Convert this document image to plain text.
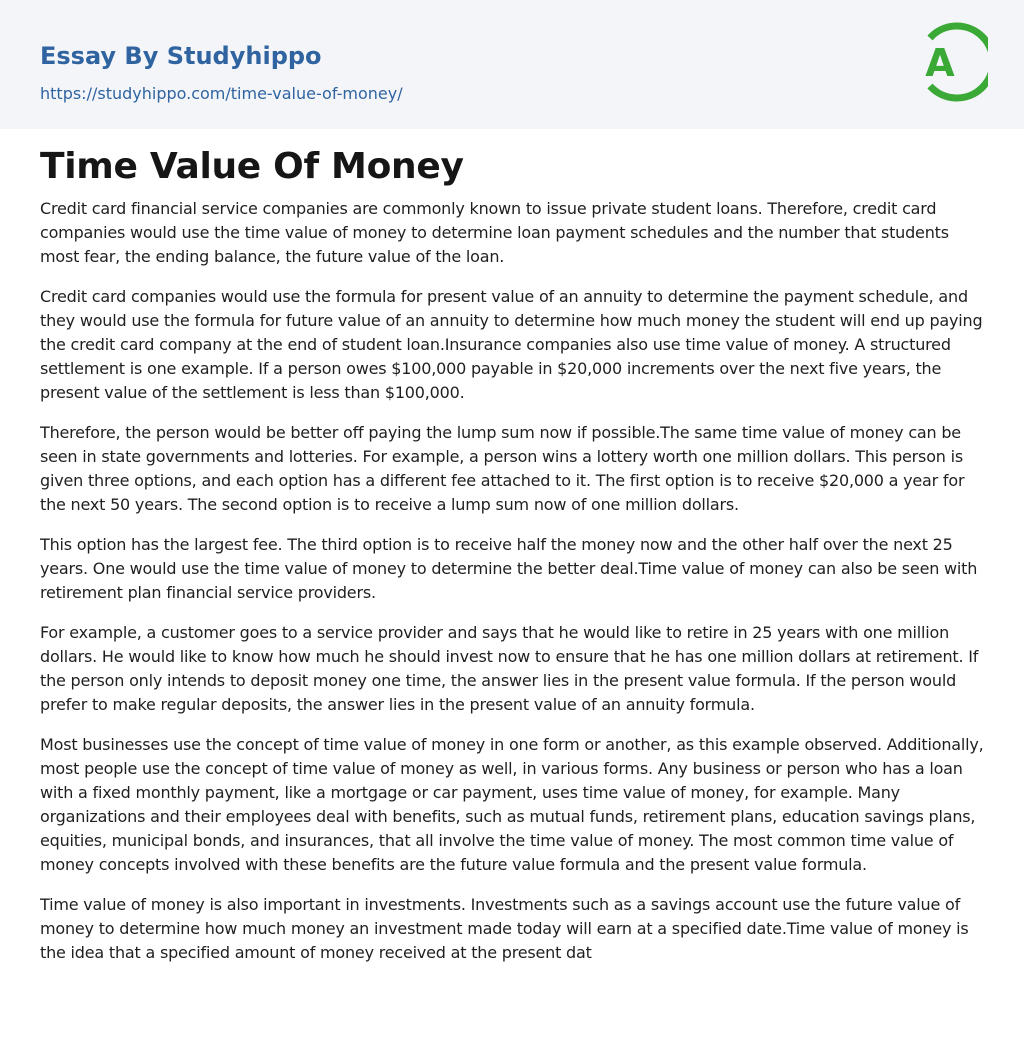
Essay By Studyhippo
https://studyhippo.com/time-value-of-money/
A
Time Value Of Money

Credit card financial service companies are commonly known to issue private student loans. Therefore, credit card companies would use the time value of money to determine loan payment schedules and the number that students most fear, the ending balance, the future value of the loan.

Credit card companies would use the formula for present value of an annuity to determine the payment schedule, and they would use the formula for future value of an annuity to determine how much money the student will end up paying the credit card company at the end of student loan.Insurance companies also use time value of money. A structured settlement is one example. If a person owes $100,000 payable in $20,000 increments over the next five years, the present value of the settlement is less than $100,000.

Therefore, the person would be better off paying the lump sum now if possible.The same time value of money can be seen in state governments and lotteries. For example, a person wins a lottery worth one million dollars. This person is given three options, and each option has a different fee attached to it. The first option is to receive $20,000 a year for the next 50 years. The second option is to receive a lump sum now of one million dollars.

This option has the largest fee. The third option is to receive half the money now and the other half over the next 25 years. One would use the time value of money to determine the better deal.Time value of money can also be seen with retirement plan financial service providers.

For example, a customer goes to a service provider and says that he would like to retire in 25 years with one million dollars. He would like to know how much he should invest now to ensure that he has one million dollars at retirement. If the person only intends to deposit money one time, the answer lies in the present value formula. If the person would prefer to make regular deposits, the answer lies in the present value of an annuity formula.

Most businesses use the concept of time value of money in one form or another, as this example observed. Additionally, most people use the concept of time value of money as well, in various forms. Any business or person who has a loan with a fixed monthly payment, like a mortgage or car payment, uses time value of money, for example. Many organizations and their employees deal with benefits, such as mutual funds, retirement plans, education savings plans, equities, municipal bonds, and insurances, that all involve the time value of money. The most common time value of money concepts involved with these benefits are the future value formula and the present value formula.

Time value of money is also important in investments. Investments such as a savings account use the future value of money to determine how much money an investment made today will earn at a specified date.Time value of money is the idea that a specified amount of money received at the present dat
